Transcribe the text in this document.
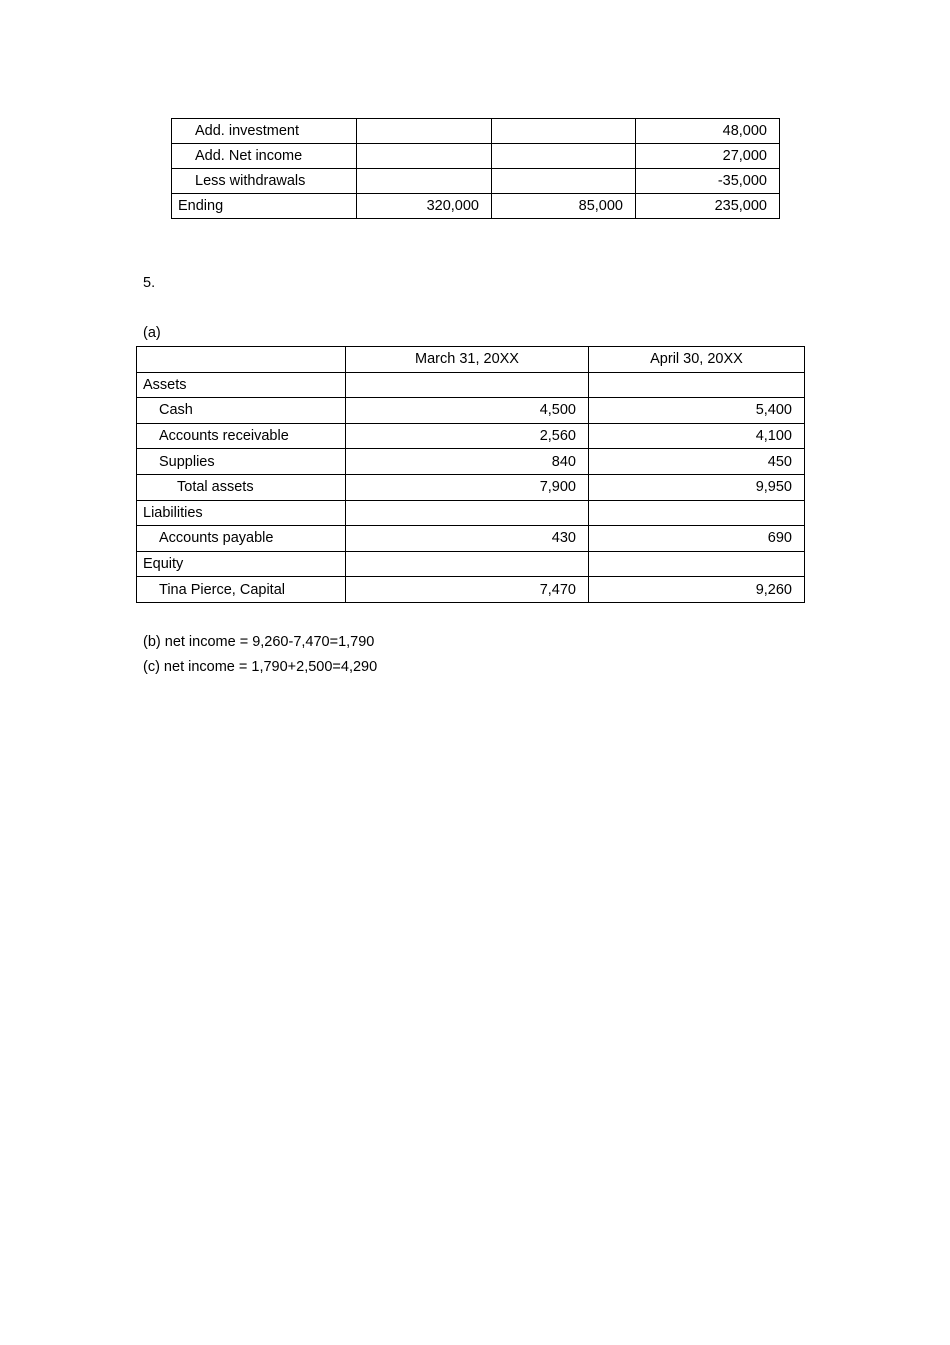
Add. investment			48,000
Add. Net income			27,000
Less withdrawals			-35,000
Ending	320,000	85,000	235,000
5.
(a)
	March 31, 20XX	April 30, 20XX
Assets		
Cash	4,500	5,400
Accounts receivable	2,560	4,100
Supplies	840	450
Total assets	7,900	9,950
Liabilities		
Accounts payable	430	690
Equity		
Tina Pierce, Capital	7,470	9,260
(b) net income = 9,260-7,470=1,790
(c) net income = 1,790+2,500=4,290
